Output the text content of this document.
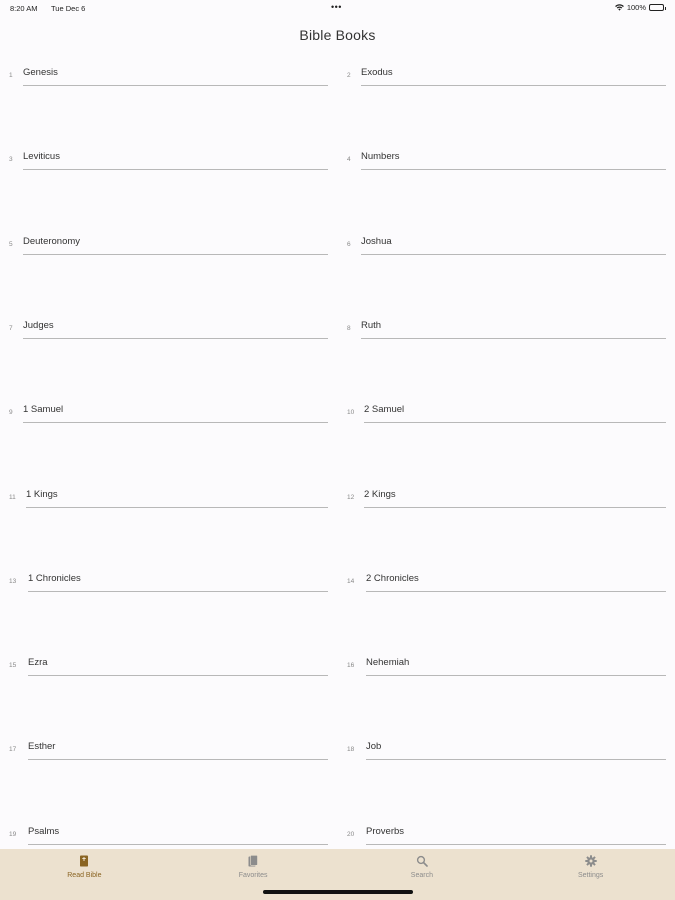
8:20 AM Tue Dec 6	•••	100%
1	Genesis	2	Exodus
3	Leviticus	4	Numbers
5	Deuteronomy	6	Joshua
7	Judges	8	Ruth
9	1 Samuel	10	2 Samuel
11	1 Kings	12	2 Kings
13	1 Chronicles	14	2 Chronicles
15	Ezra	16	Nehemiah
17	Esther	18	Job
19	Psalms	20	Proverbs
Bible Books
Read Bible	Favorites	Search	Settings
